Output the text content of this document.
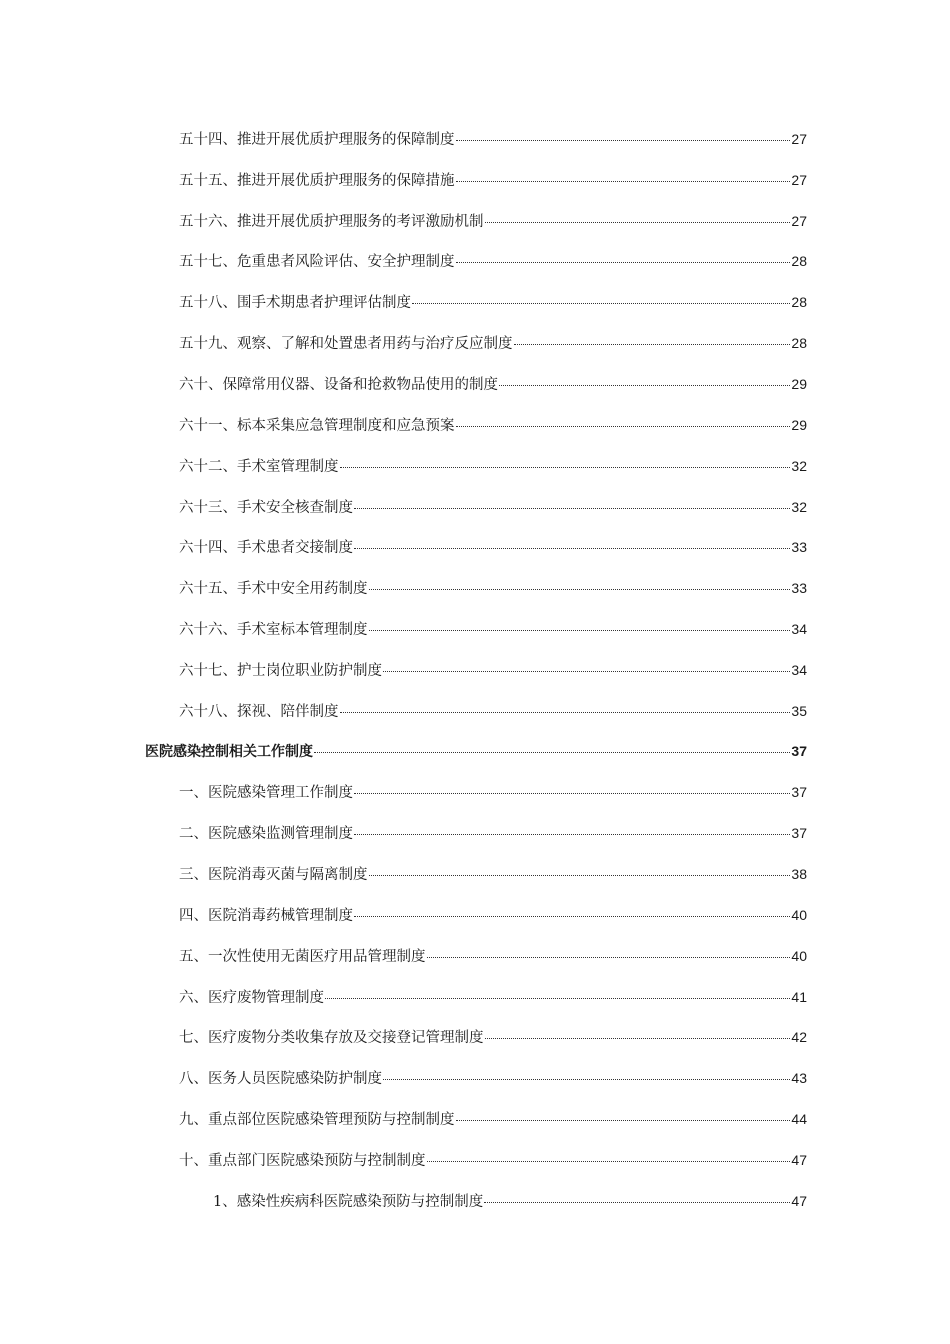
五十四、推进开展优质护理服务的保障制度	27
五十五、推进开展优质护理服务的保障措施	27
五十六、推进开展优质护理服务的考评激励机制	27
五十七、危重患者风险评估、安全护理制度	28
五十八、围手术期患者护理评估制度	28
五十九、观察、了解和处置患者用药与治疗反应制度	28
六十、保障常用仪器、设备和抢救物品使用的制度	29
六十一、标本采集应急管理制度和应急预案	29
六十二、手术室管理制度	32
六十三、手术安全核查制度	32
六十四、手术患者交接制度	33
六十五、手术中安全用药制度	33
六十六、手术室标本管理制度	34
六十七、护士岗位职业防护制度	34
六十八、探视、陪伴制度	35
医院感染控制相关工作制度	37
一、医院感染管理工作制度	37
二、医院感染监测管理制度	37
三、医院消毒灭菌与隔离制度	38
四、医院消毒药械管理制度	40
五、一次性使用无菌医疗用品管理制度	40
六、医疗废物管理制度	41
七、医疗废物分类收集存放及交接登记管理制度	42
八、医务人员医院感染防护制度	43
九、重点部位医院感染管理预防与控制制度	44
十、重点部门医院感染预防与控制制度	47
1、感染性疾病科医院感染预防与控制制度	47
